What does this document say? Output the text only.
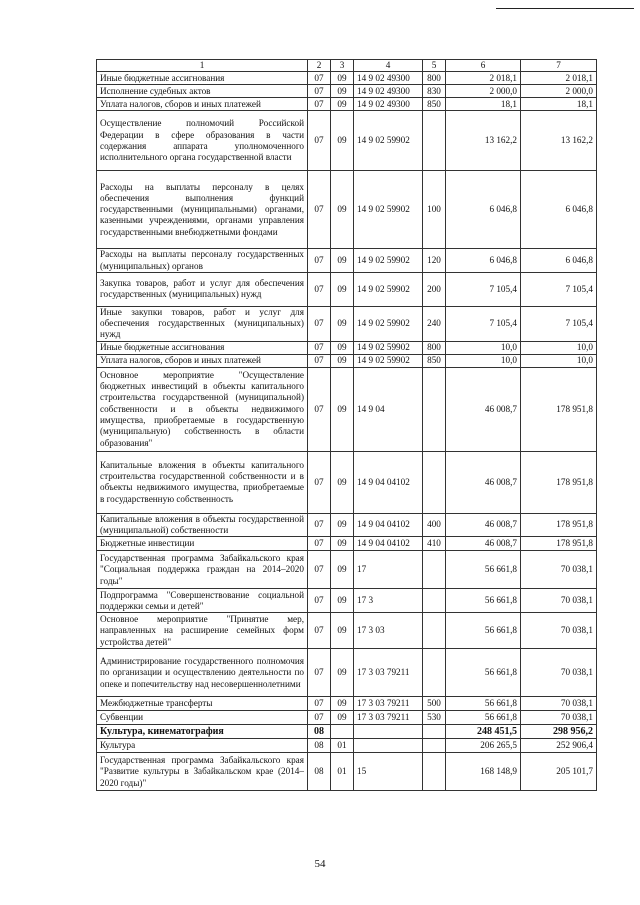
1	2	3	4	5	6	7
Иные бюджетные ассигнования	07	09	14 9 02 49300	800	2 018,1	2 018,1
Исполнение судебных актов	07	09	14 9 02 49300	830	2 000,0	2 000,0
Уплата налогов, сборов и иных платежей	07	09	14 9 02 49300	850	18,1	18,1
Осуществление полномочий Российской Федерации в сфере образования в части содержания аппарата уполномоченного исполнительного органа государственной власти	07	09	14 9 02 59902		13 162,2	13 162,2
Расходы на выплаты персоналу в целях обеспечения выполнения функций государственными (муниципальными) органами, казенными учреждениями, органами управления государственными внебюджетными фондами	07	09	14 9 02 59902	100	6 046,8	6 046,8
Расходы на выплаты персоналу государственных (муниципальных) органов	07	09	14 9 02 59902	120	6 046,8	6 046,8
Закупка товаров, работ и услуг для обеспечения государственных (муниципальных) нужд	07	09	14 9 02 59902	200	7 105,4	7 105,4
Иные закупки товаров, работ и услуг для обеспечения государственных (муниципальных) нужд	07	09	14 9 02 59902	240	7 105,4	7 105,4
Иные бюджетные ассигнования	07	09	14 9 02 59902	800	10,0	10,0
Уплата налогов, сборов и иных платежей	07	09	14 9 02 59902	850	10,0	10,0
Основное мероприятие "Осуществление бюджетных инвестиций в объекты капитального строительства государственной (муниципальной) собственности и в объекты недвижимого имущества, приобретаемые в государственную (муниципальную) собственность в области образования"	07	09	14 9 04		46 008,7	178 951,8
Капитальные вложения в объекты капитального строительства государственной собственности и в объекты недвижимого имущества, приобретаемые в государственную собственность	07	09	14 9 04 04102		46 008,7	178 951,8
Капитальные вложения в объекты государственной (муниципальной) собственности	07	09	14 9 04 04102	400	46 008,7	178 951,8
Бюджетные инвестиции	07	09	14 9 04 04102	410	46 008,7	178 951,8
Государственная программа Забайкальского края "Социальная поддержка граждан на 2014–2020 годы"	07	09	17		56 661,8	70 038,1
Подпрограмма "Совершенствование социальной поддержки семьи и детей"	07	09	17 3		56 661,8	70 038,1
Основное мероприятие "Принятие мер, направленных на расширение семейных форм устройства детей"	07	09	17 3 03		56 661,8	70 038,1
Администрирование государственного полномочия по организации и осуществлению деятельности по опеке и попечительству над несовершеннолетними	07	09	17 3 03 79211		56 661,8	70 038,1
Межбюджетные трансферты	07	09	17 3 03 79211	500	56 661,8	70 038,1
Субвенции	07	09	17 3 03 79211	530	56 661,8	70 038,1
Культура, кинематография	08				248 451,5	298 956,2
Культура	08	01			206 265,5	252 906,4
Государственная программа Забайкальского края "Развитие культуры в Забайкальском крае (2014–2020 годы)"	08	01	15		168 148,9	205 101,7
54
